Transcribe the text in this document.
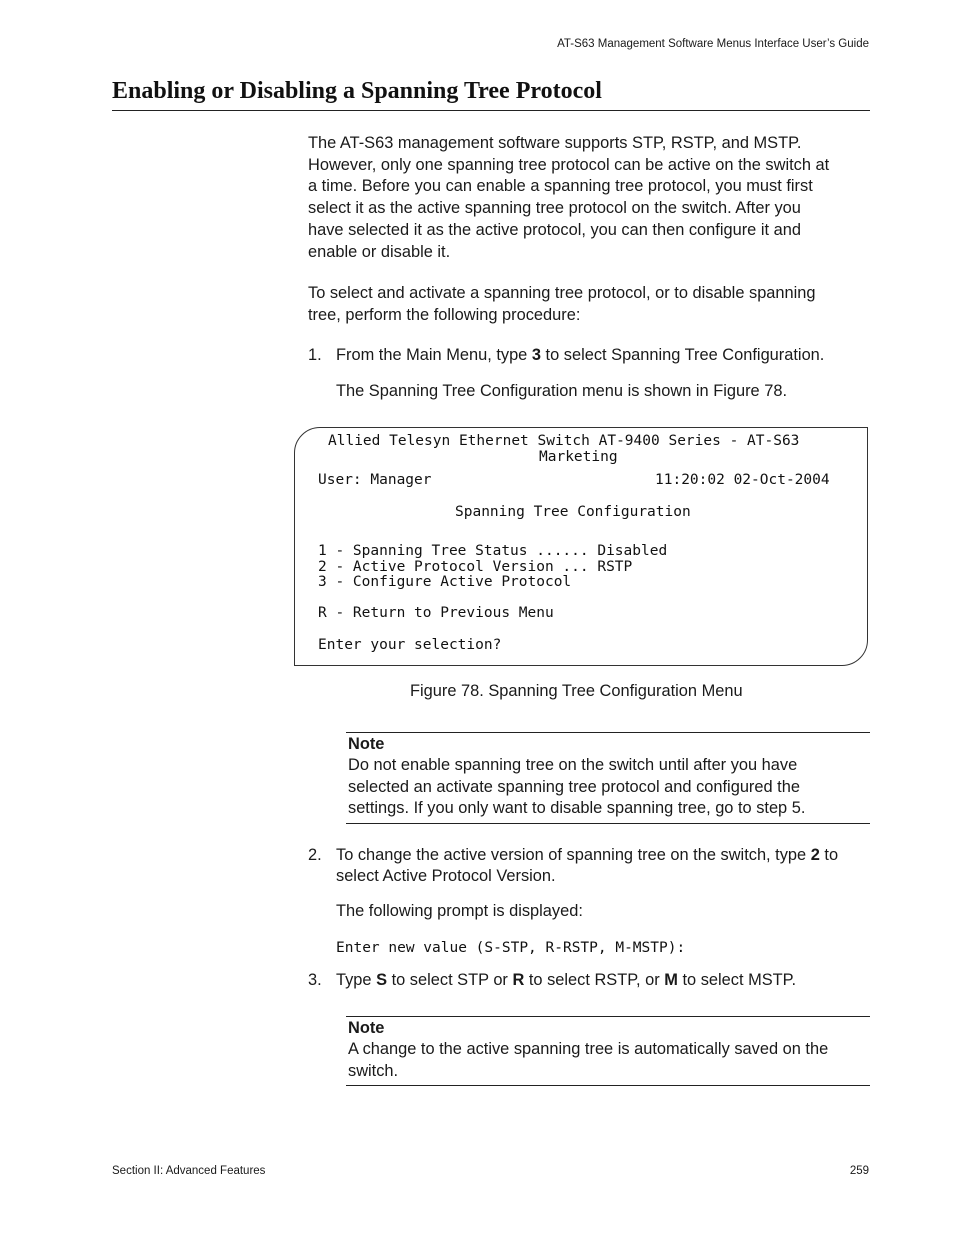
AT-S63 Management Software Menus Interface User’s Guide
Enabling or Disabling a Spanning Tree Protocol
The AT-S63 management software supports STP, RSTP, and MSTP.
However, only one spanning tree protocol can be active on the switch at
a time. Before you can enable a spanning tree protocol, you must first
select it as the active spanning tree protocol on the switch. After you
have selected it as the active protocol, you can then configure it and
enable or disable it.
To select and activate a spanning tree protocol, or to disable spanning
tree, perform the following procedure:
1. From the Main Menu, type 3 to select Spanning Tree Configuration.
The Spanning Tree Configuration menu is shown in Figure 78.
Allied Telesyn Ethernet Switch AT-9400 Series - AT-S63
Marketing
User: Manager	11:20:02 02-Oct-2004
Spanning Tree Configuration
1 - Spanning Tree Status ...... Disabled
2 - Active Protocol Version ... RSTP
3 - Configure Active Protocol
R - Return to Previous Menu
Enter your selection?
Figure 78. Spanning Tree Configuration Menu
Note
Do not enable spanning tree on the switch until after you have
selected an activate spanning tree protocol and configured the
settings. If you only want to disable spanning tree, go to step 5.
2. To change the active version of spanning tree on the switch, type 2 to
select Active Protocol Version.
The following prompt is displayed:
Enter new value (S-STP, R-RSTP, M-MSTP):
3. Type S to select STP or R to select RSTP, or M to select MSTP.
Note
A change to the active spanning tree is automatically saved on the
switch.
Section II: Advanced Features	259
